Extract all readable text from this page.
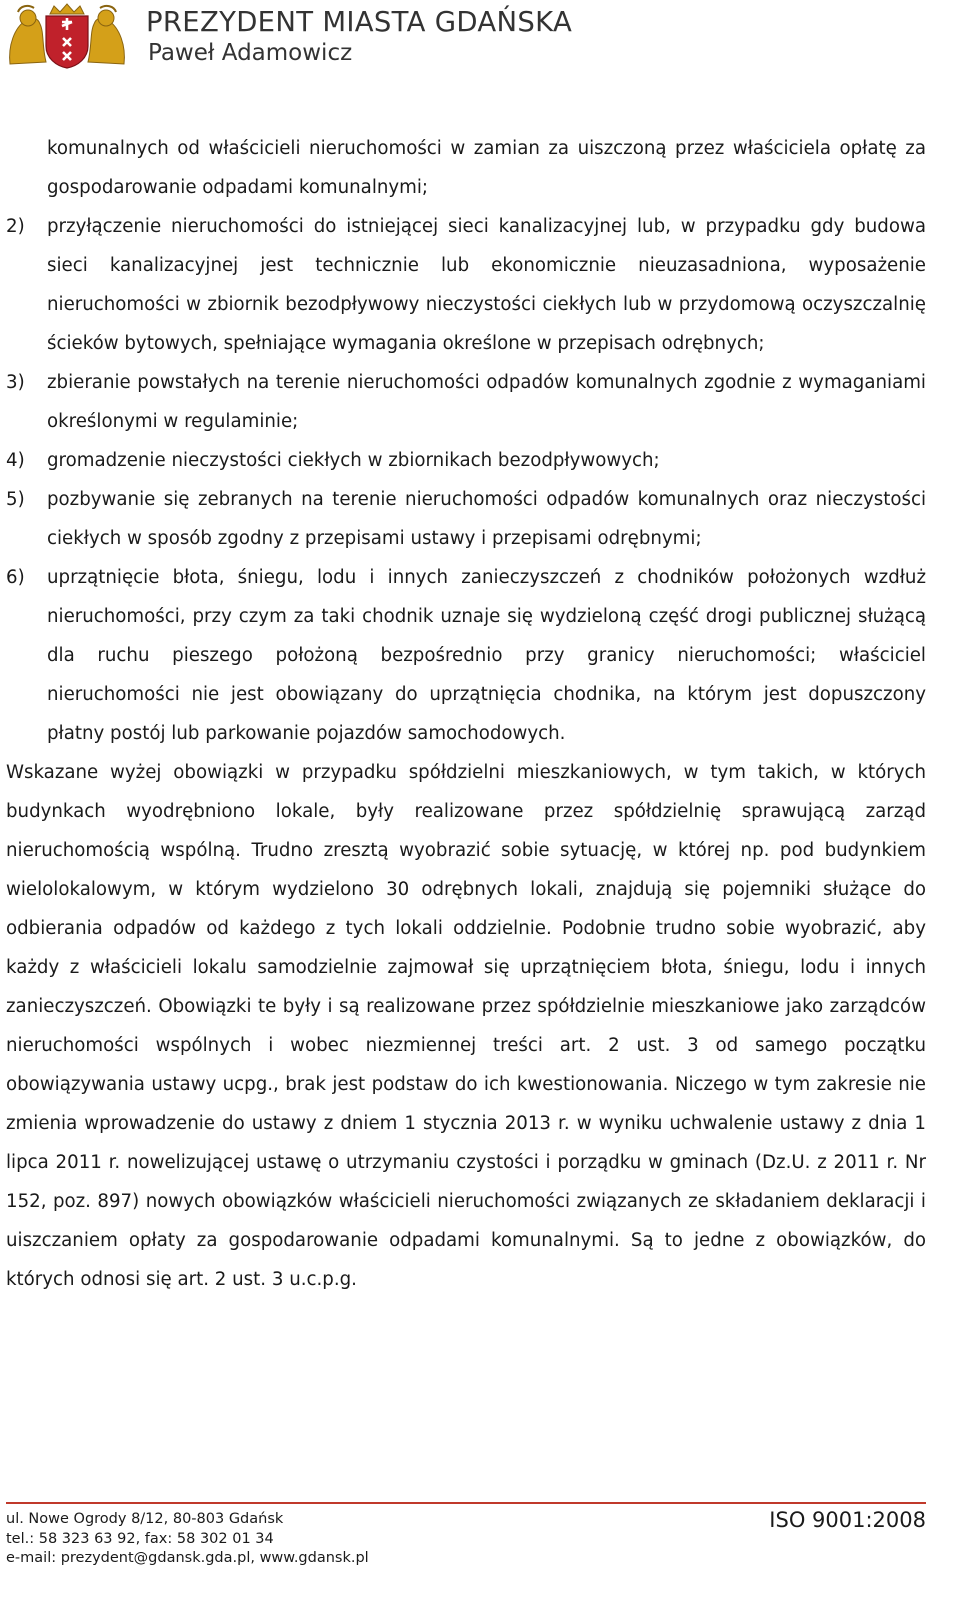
PREZYDENT MIASTA GDAŃSKA
Paweł Adamowicz
komunalnych od właścicieli nieruchomości w zamian za uiszczoną przez właściciela opłatę za gospodarowanie odpadami komunalnymi;
2)	przyłączenie nieruchomości do istniejącej sieci kanalizacyjnej lub, w przypadku gdy budowa sieci kanalizacyjnej jest technicznie lub ekonomicznie nieuzasadniona, wyposażenie nieruchomości w zbiornik bezodpływowy nieczystości ciekłych lub w przydomową oczyszczalnię ścieków bytowych, spełniające wymagania określone w przepisach odrębnych;
3)	zbieranie powstałych na terenie nieruchomości odpadów komunalnych zgodnie z wymaganiami określonymi w regulaminie;
4)	gromadzenie nieczystości ciekłych w zbiornikach bezodpływowych;
5)	pozbywanie się zebranych na terenie nieruchomości odpadów komunalnych oraz nieczystości ciekłych w sposób zgodny z przepisami ustawy i przepisami odrębnymi;
6)	uprzątnięcie błota, śniegu, lodu i innych zanieczyszczeń z chodników położonych wzdłuż nieruchomości, przy czym za taki chodnik uznaje się wydzieloną część drogi publicznej służącą dla ruchu pieszego położoną bezpośrednio przy granicy nieruchomości; właściciel nieruchomości nie jest obowiązany do uprzątnięcia chodnika, na którym jest dopuszczony płatny postój lub parkowanie pojazdów samochodowych.

Wskazane wyżej obowiązki w przypadku spółdzielni mieszkaniowych, w tym takich, w których budynkach wyodrębniono lokale, były realizowane przez spółdzielnię sprawującą zarząd nieruchomością wspólną. Trudno zresztą wyobrazić sobie sytuację, w której np. pod budynkiem wielolokalowym, w którym wydzielono 30 odrębnych lokali, znajdują się pojemniki służące do odbierania odpadów od każdego z tych lokali oddzielnie. Podobnie trudno sobie wyobrazić, aby każdy z właścicieli lokalu samodzielnie zajmował się uprzątnięciem błota, śniegu, lodu i innych zanieczyszczeń. Obowiązki te były i są realizowane przez spółdzielnie mieszkaniowe jako zarządców nieruchomości wspólnych i wobec niezmiennej treści art. 2 ust. 3 od samego początku obowiązywania ustawy ucpg., brak jest podstaw do ich kwestionowania. Niczego w tym zakresie nie zmienia wprowadzenie do ustawy z dniem 1 stycznia 2013 r. w wyniku uchwalenie ustawy z dnia 1 lipca 2011 r. nowelizującej ustawę o utrzymaniu czystości i porządku w gminach (Dz.U. z 2011 r. Nr 152, poz. 897) nowych obowiązków właścicieli nieruchomości związanych ze składaniem deklaracji i uiszczaniem opłaty za gospodarowanie odpadami komunalnymi. Są to jedne z obowiązków, do których odnosi się art. 2 ust. 3 u.c.p.g.

ul. Nowe Ogrody 8/12, 80-803 Gdańsk
tel.: 58 323 63 92, fax: 58 302 01 34
e-mail: prezydent@gdansk.gda.pl, www.gdansk.pl
ISO 9001:2008
